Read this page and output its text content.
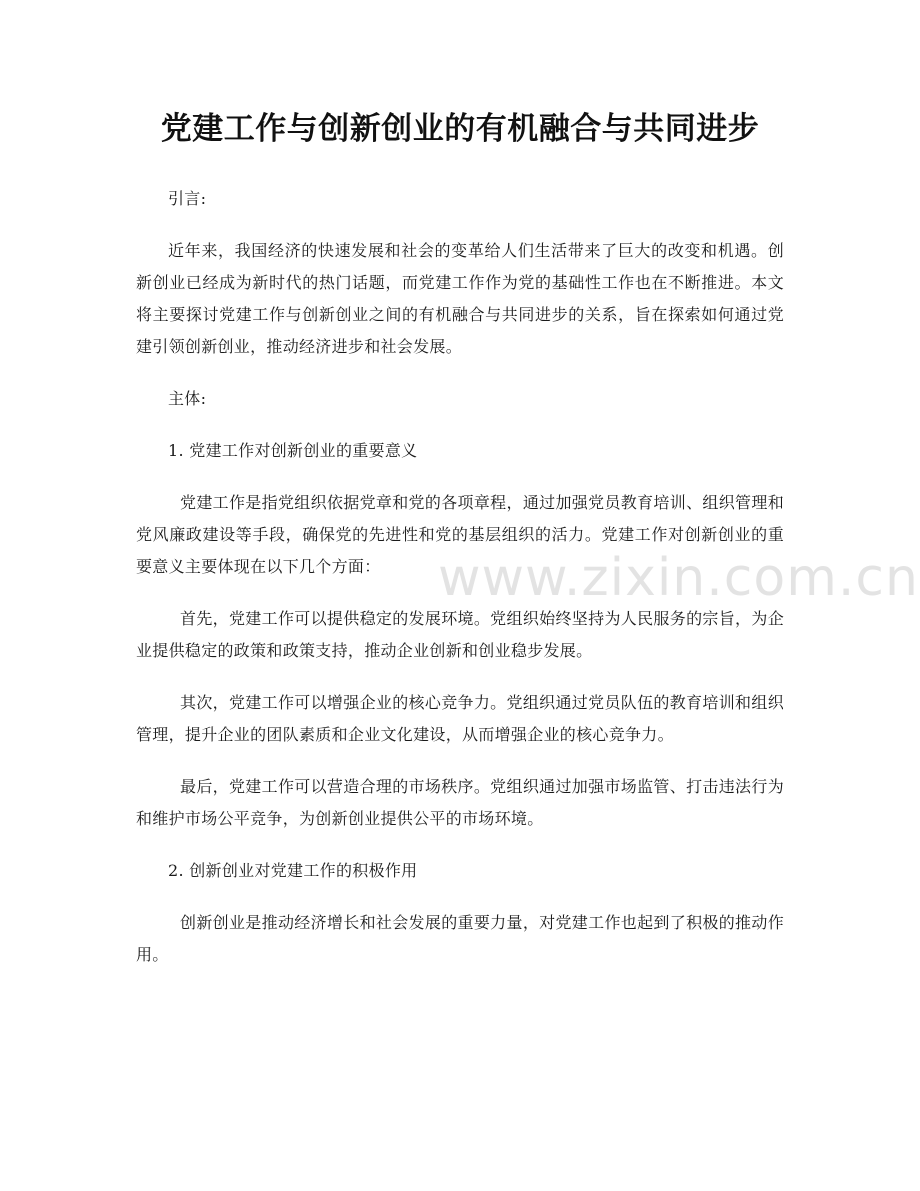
www.zixin.com.cn
党建工作与创新创业的有机融合与共同进步

引言:

近年来，我国经济的快速发展和社会的变革给人们生活带来了巨大的改变和机遇。创新创业已经成为新时代的热门话题，而党建工作作为党的基础性工作也在不断推进。本文将主要探讨党建工作与创新创业之间的有机融合与共同进步的关系，旨在探索如何通过党建引领创新创业，推动经济进步和社会发展。

主体:

1. 党建工作对创新创业的重要意义

党建工作是指党组织依据党章和党的各项章程，通过加强党员教育培训、组织管理和党风廉政建设等手段，确保党的先进性和党的基层组织的活力。党建工作对创新创业的重要意义主要体现在以下几个方面：

首先，党建工作可以提供稳定的发展环境。党组织始终坚持为人民服务的宗旨，为企业提供稳定的政策和政策支持，推动企业创新和创业稳步发展。

其次，党建工作可以增强企业的核心竞争力。党组织通过党员队伍的教育培训和组织管理，提升企业的团队素质和企业文化建设，从而增强企业的核心竞争力。

最后，党建工作可以营造合理的市场秩序。党组织通过加强市场监管、打击违法行为和维护市场公平竞争，为创新创业提供公平的市场环境。

2. 创新创业对党建工作的积极作用

创新创业是推动经济增长和社会发展的重要力量，对党建工作也起到了积极的推动作用。
